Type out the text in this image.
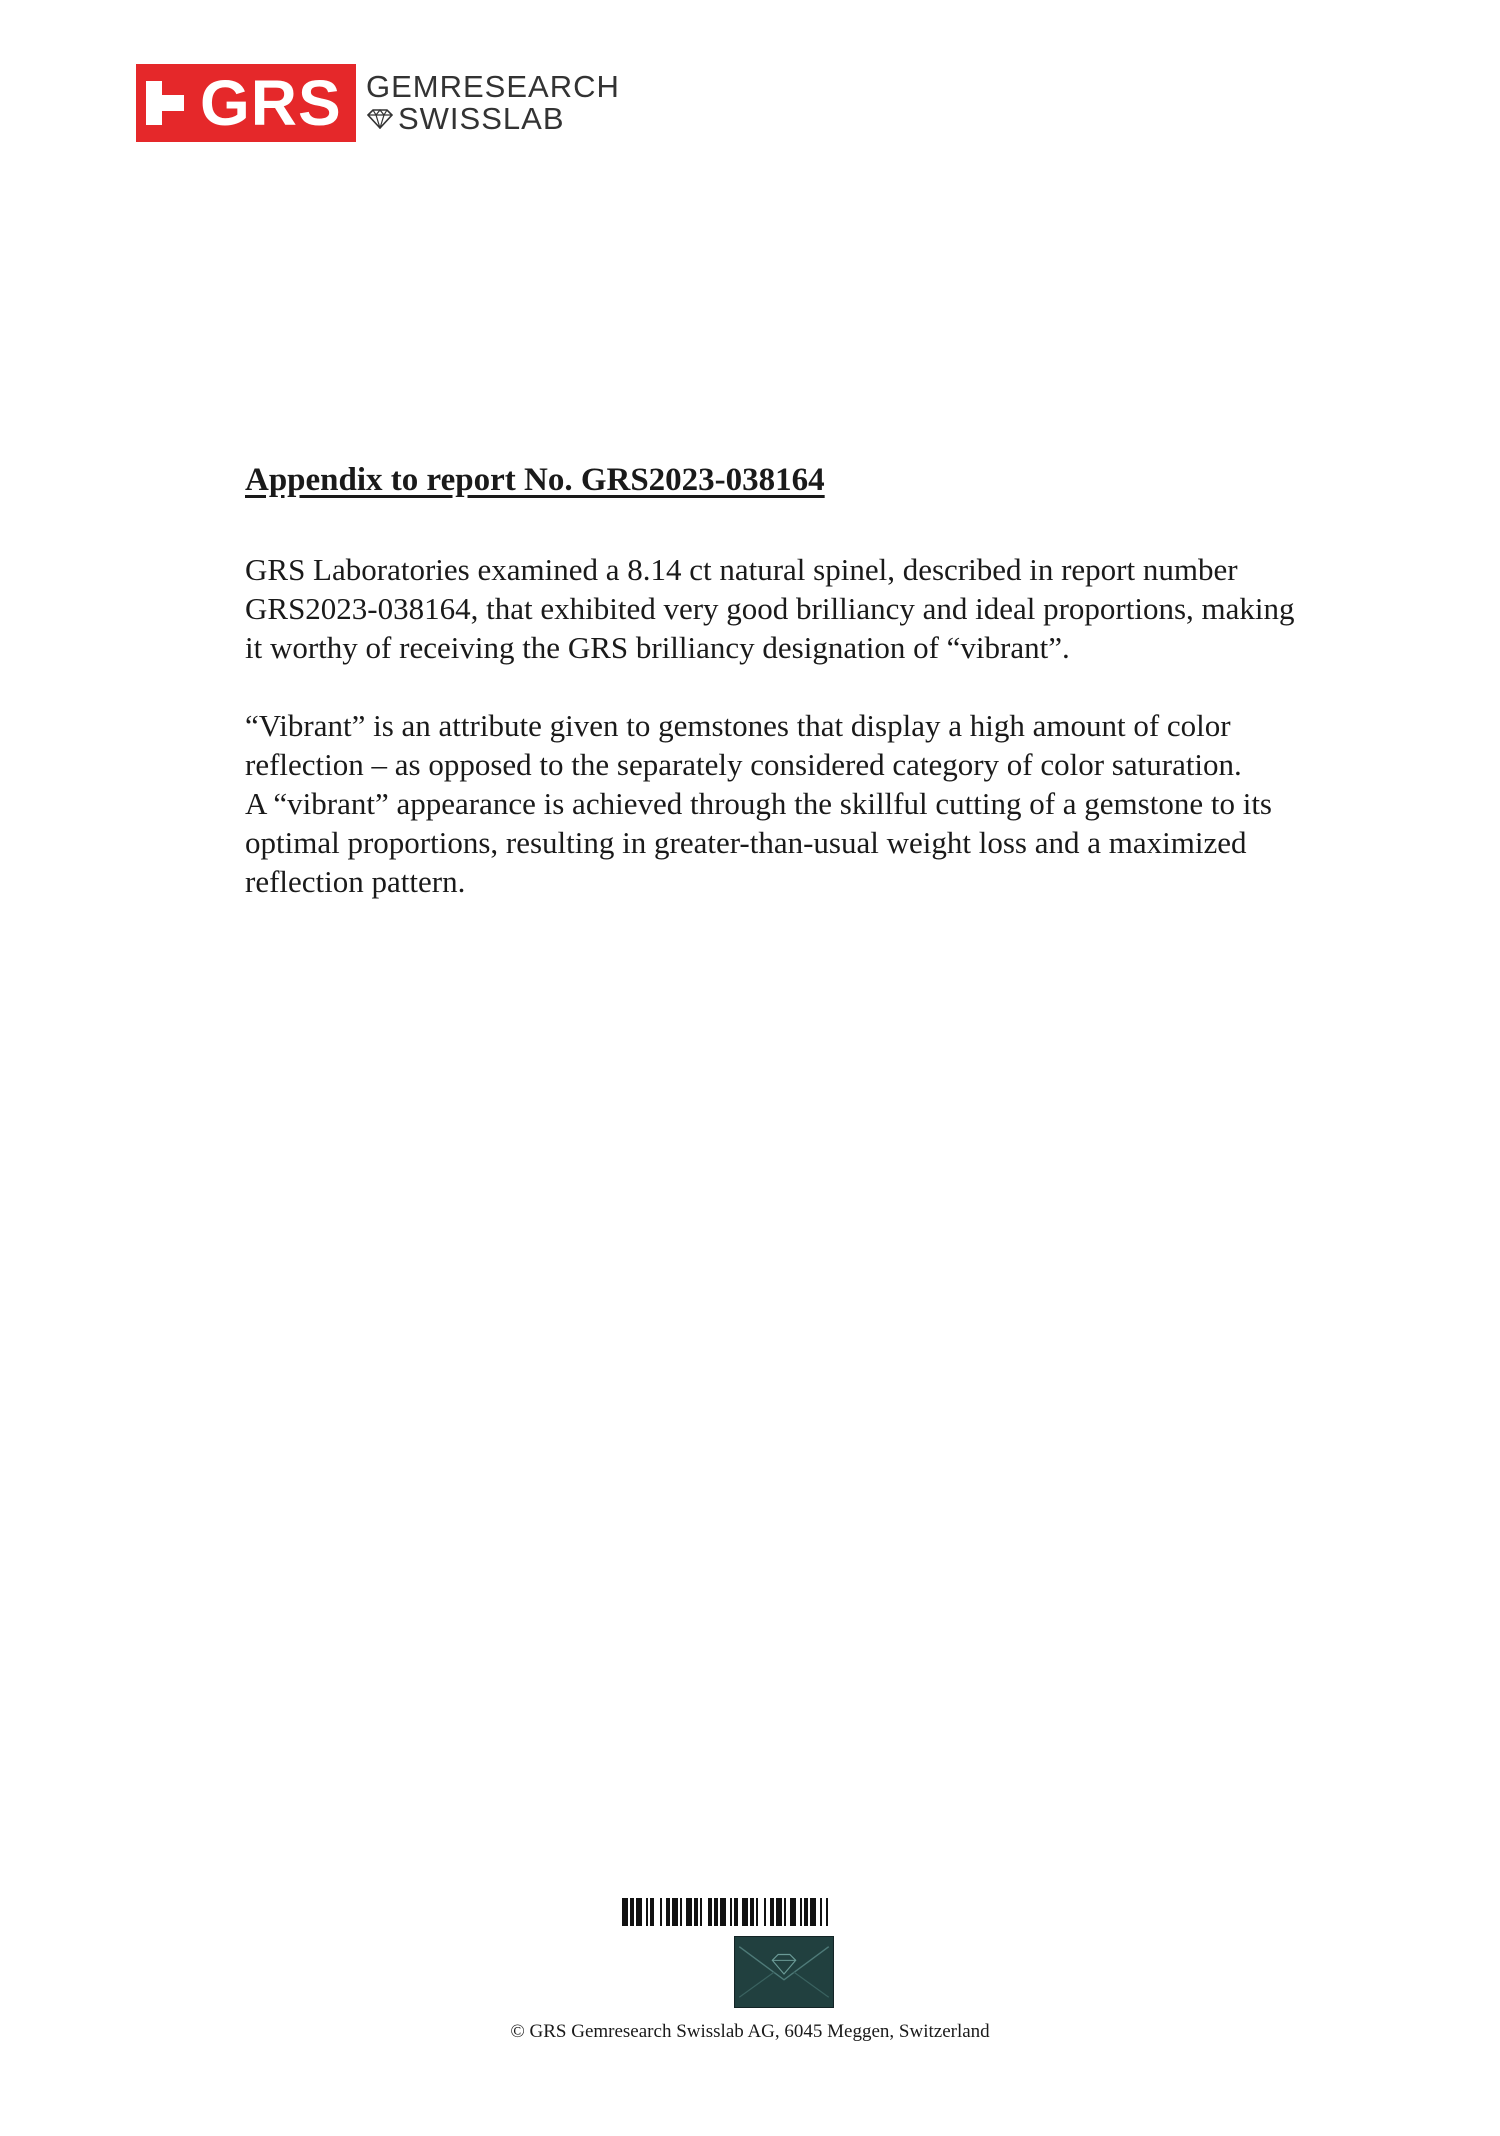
GRS GEMRESEARCH
SWISSLAB
Appendix to report No. GRS2023-038164

GRS Laboratories examined a 8.14 ct natural spinel, described in report number
GRS2023-038164, that exhibited very good brilliancy and ideal proportions, making
it worthy of receiving the GRS brilliancy designation of “vibrant”.

“Vibrant” is an attribute given to gemstones that display a high amount of color
reflection – as opposed to the separately considered category of color saturation.
A “vibrant” appearance is achieved through the skillful cutting of a gemstone to its
optimal proportions, resulting in greater-than-usual weight loss and a maximized
reflection pattern.

© GRS Gemresearch Swisslab AG, 6045 Meggen, Switzerland
